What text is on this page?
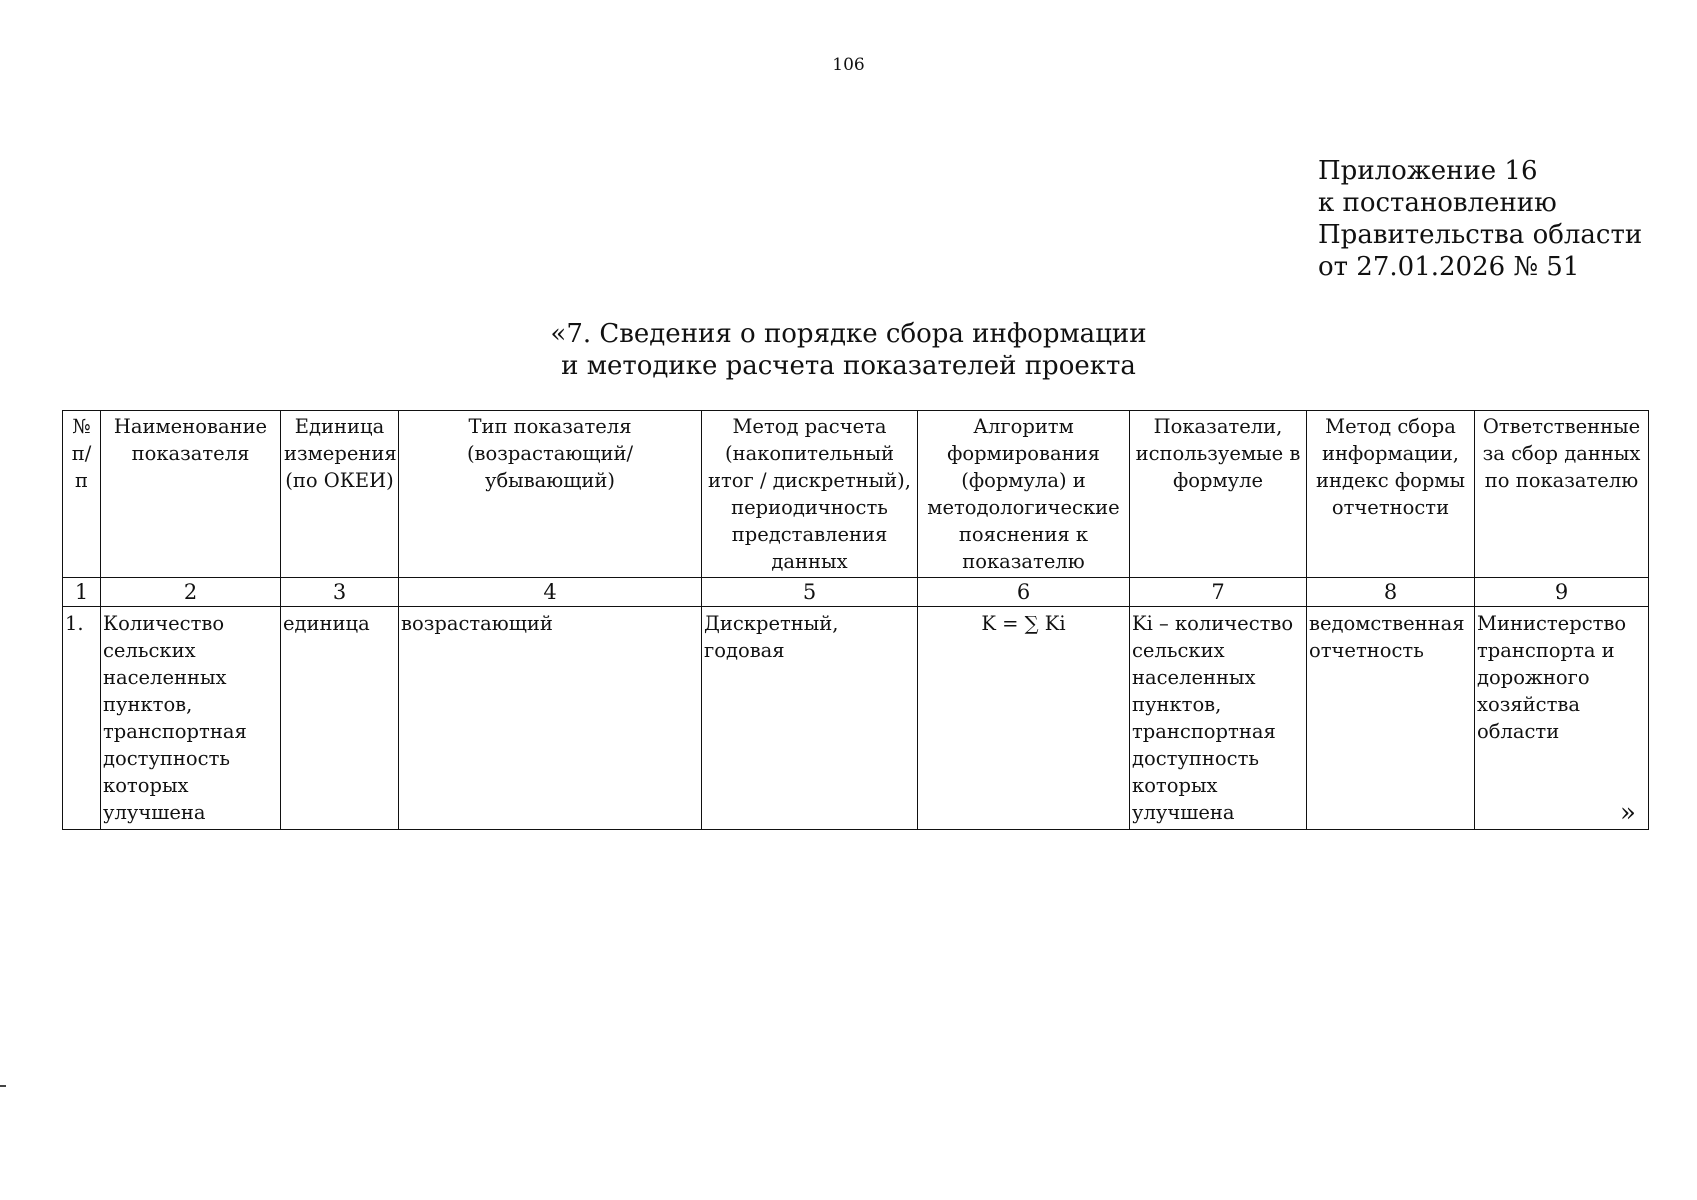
106
Приложение 16
к постановлению
Правительства области
от 27.01.2026 № 51
«7. Сведения о порядке сбора информации
и методике расчета показателей проекта
№ п/п	Наименование показателя	Единица измерения (по ОКЕИ)	Тип показателя (возрастающий/убывающий)	Метод расчета (накопительный итог / дискретный), периодичность представления данных	Алгоритм формирования (формула) и методологические пояснения к показателю	Показатели, используемые в формуле	Метод сбора информации, индекс формы отчетности	Ответственные за сбор данных по показателю
1	2	3	4	5	6	7	8	9
1.	Количество сельских населенных пунктов, транспортная доступность которых улучшена	единица	возрастающий	Дискретный, годовая	K = ∑ Ki	Ki – количество сельских населенных пунктов, транспортная доступность которых улучшена	ведомственная отчетность	Министерство транспорта и дорожного хозяйства области
»
